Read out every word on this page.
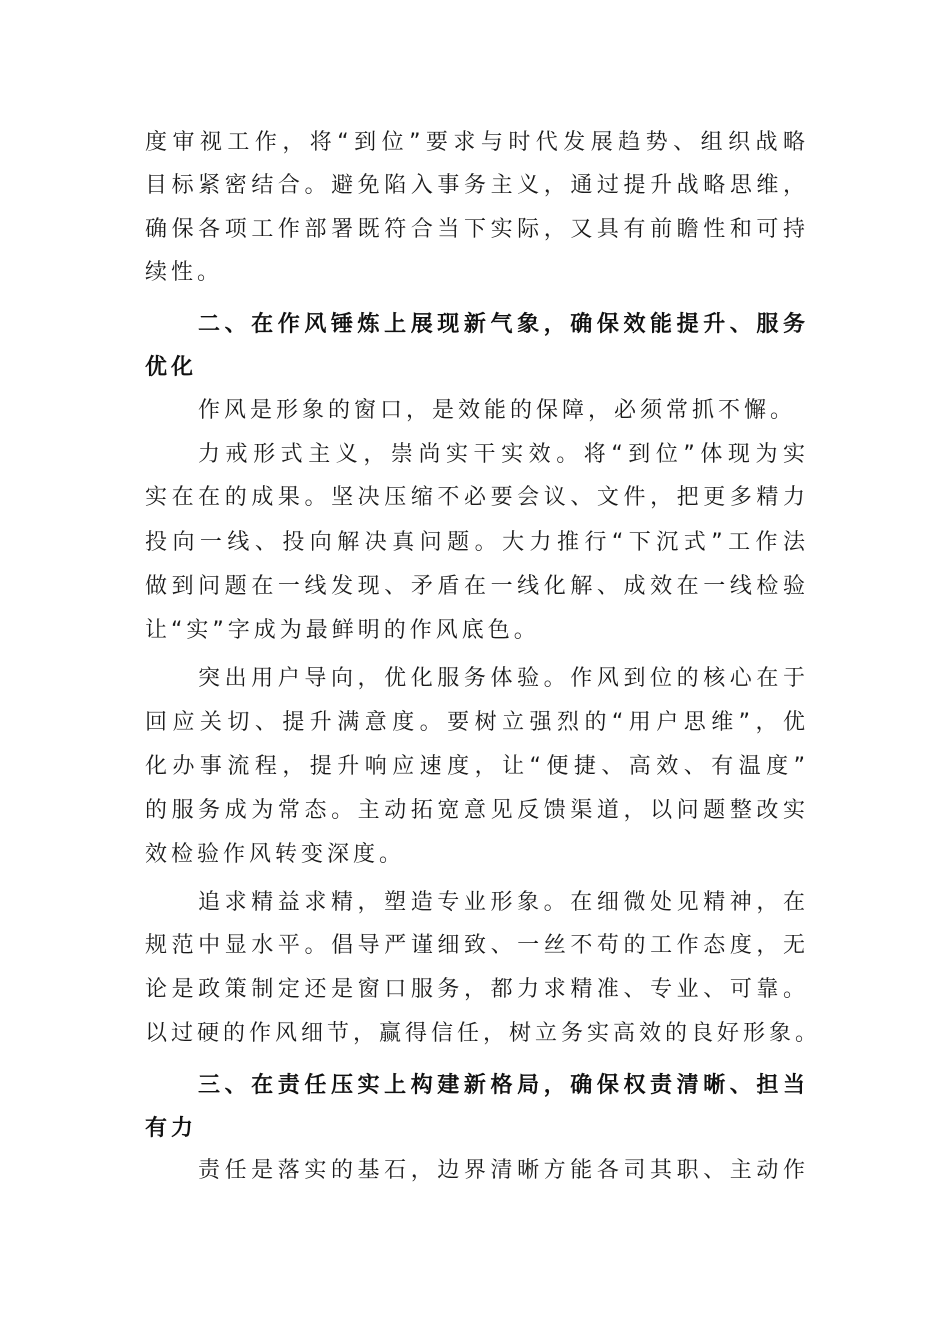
度审视工作，将“到位”要求与时代发展趋势、组织战略
目标紧密结合。避免陷入事务主义，通过提升战略思维，
确保各项工作部署既符合当下实际，又具有前瞻性和可持
续性。
二、在作风锤炼上展现新气象，确保效能提升、服务
优化
作风是形象的窗口，是效能的保障，必须常抓不懈。
力戒形式主义，崇尚实干实效。将“到位”体现为实
实在在的成果。坚决压缩不必要会议、文件，把更多精力
投向一线、投向解决真问题。大力推行“下沉式”工作法
做到问题在一线发现、矛盾在一线化解、成效在一线检验
让“实”字成为最鲜明的作风底色。
突出用户导向，优化服务体验。作风到位的核心在于
回应关切、提升满意度。要树立强烈的“用户思维”，优
化办事流程，提升响应速度，让“便捷、高效、有温度”
的服务成为常态。主动拓宽意见反馈渠道，以问题整改实
效检验作风转变深度。
追求精益求精，塑造专业形象。在细微处见精神，在
规范中显水平。倡导严谨细致、一丝不苟的工作态度，无
论是政策制定还是窗口服务，都力求精准、专业、可靠。
以过硬的作风细节，赢得信任，树立务实高效的良好形象。
三、在责任压实上构建新格局，确保权责清晰、担当
有力
责任是落实的基石，边界清晰方能各司其职、主动作
